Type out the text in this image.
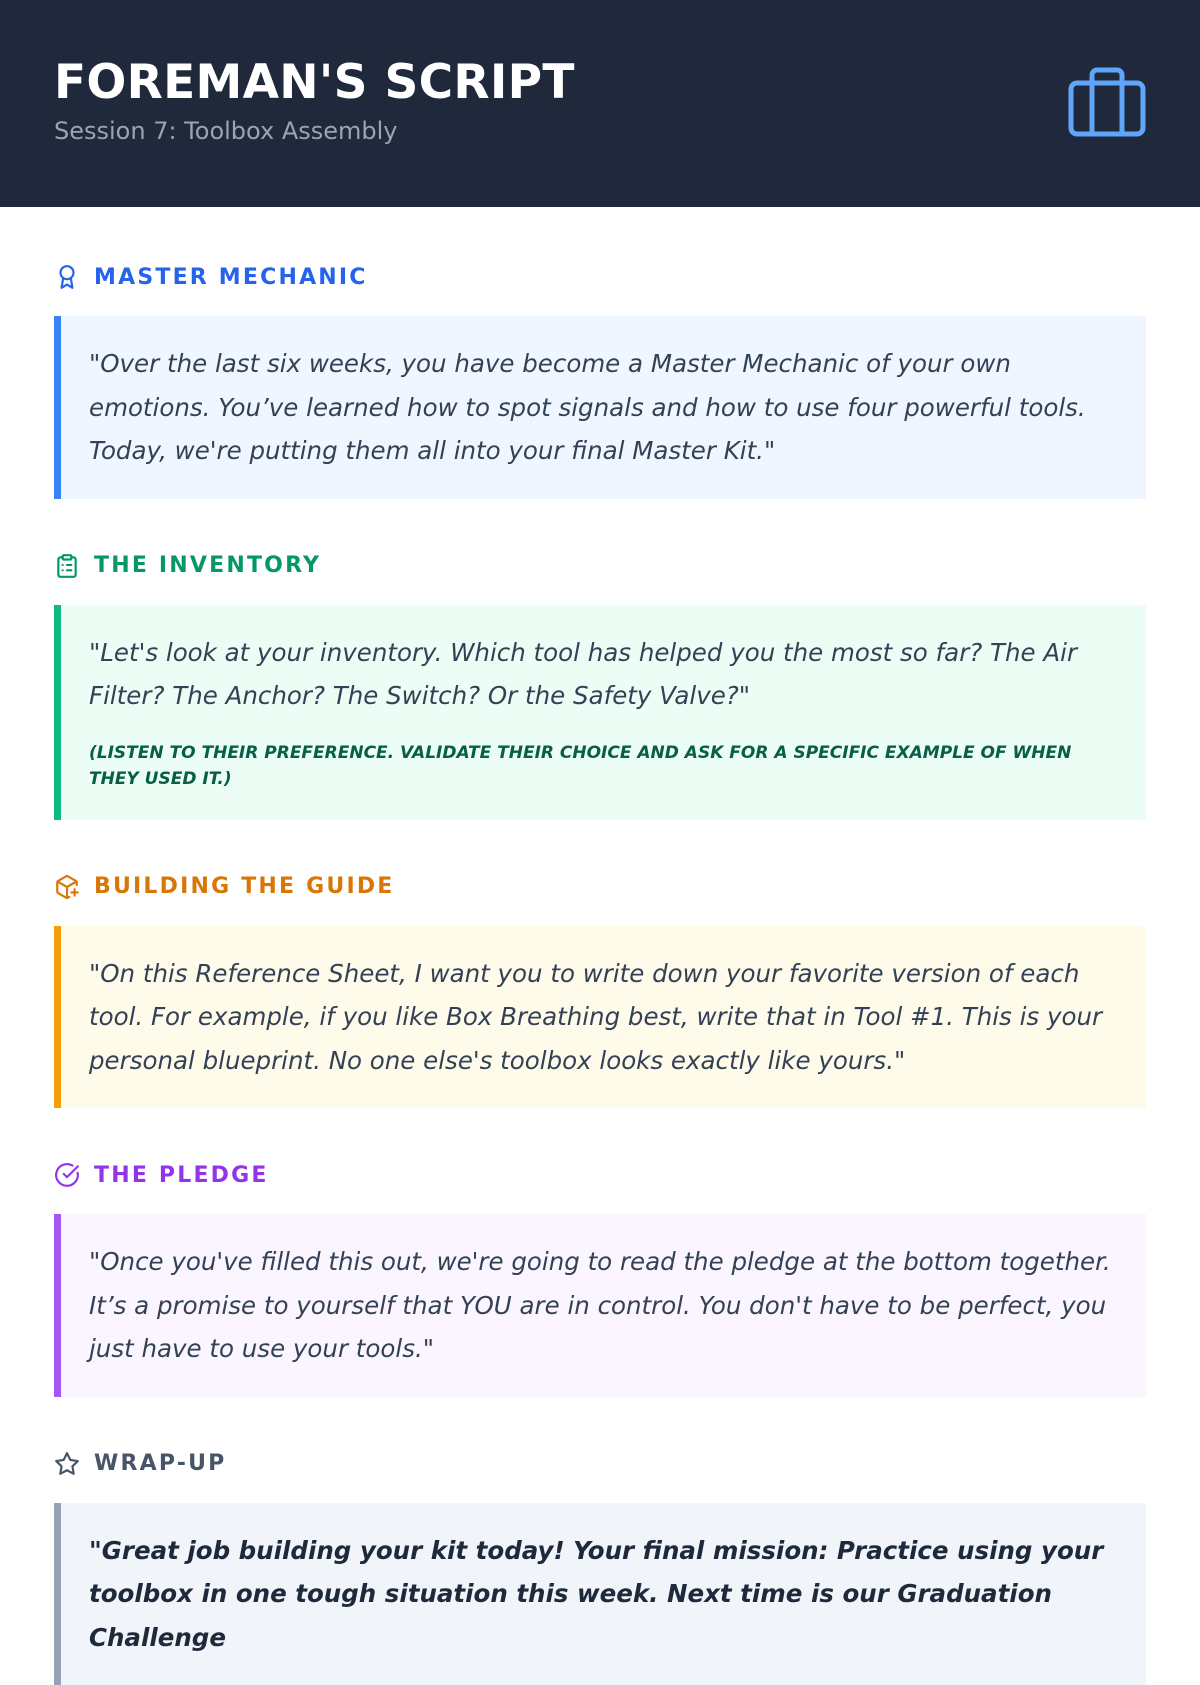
FOREMAN'S SCRIPT
Session 7: Toolbox Assembly
MASTER MECHANIC

"Over the last six weeks, you have become a Master Mechanic of your own emotions. You’ve learned how to spot signals and how to use four powerful tools. Today, we're putting them all into your final Master Kit."

THE INVENTORY

"Let's look at your inventory. Which tool has helped you the most so far? The Air Filter? The Anchor? The Switch? Or the Safety Valve?"

(LISTEN TO THEIR PREFERENCE. VALIDATE THEIR CHOICE AND ASK FOR A SPECIFIC EXAMPLE OF WHEN THEY USED IT.)

BUILDING THE GUIDE

"On this Reference Sheet, I want you to write down your favorite version of each tool. For example, if you like Box Breathing best, write that in Tool #1. This is your personal blueprint. No one else's toolbox looks exactly like yours."

THE PLEDGE

"Once you've filled this out, we're going to read the pledge at the bottom together. It’s a promise to yourself that YOU are in control. You don't have to be perfect, you just have to use your tools."

WRAP-UP

"Great job building your kit today! Your final mission: Practice using your toolbox in one tough situation this week. Next time is our Graduation Challenge
